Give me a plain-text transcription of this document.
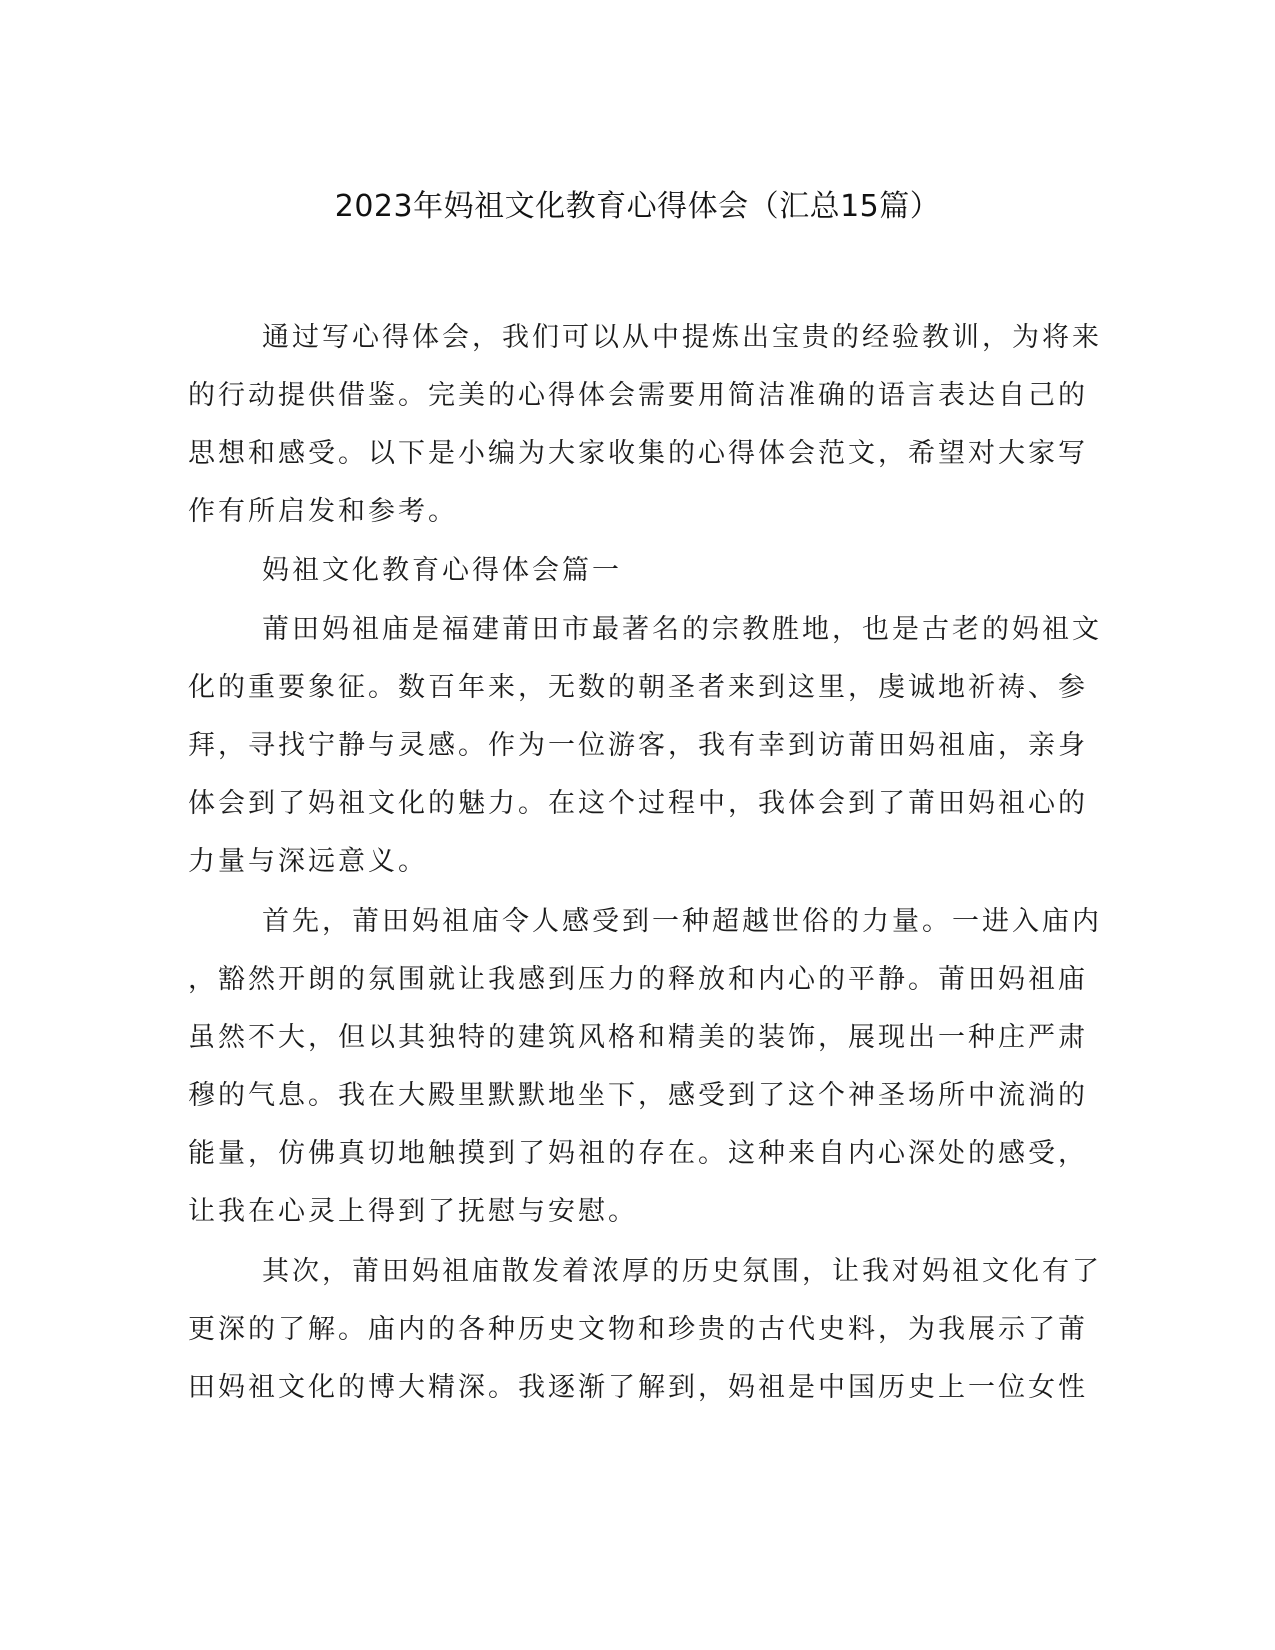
2023年妈祖文化教育心得体会（汇总15篇）
通过写心得体会，我们可以从中提炼出宝贵的经验教训，为将来
的行动提供借鉴。完美的心得体会需要用简洁准确的语言表达自己的
思想和感受。以下是小编为大家收集的心得体会范文，希望对大家写
作有所启发和参考。
妈祖文化教育心得体会篇一
莆田妈祖庙是福建莆田市最著名的宗教胜地，也是古老的妈祖文
化的重要象征。数百年来，无数的朝圣者来到这里，虔诚地祈祷、参
拜，寻找宁静与灵感。作为一位游客，我有幸到访莆田妈祖庙，亲身
体会到了妈祖文化的魅力。在这个过程中，我体会到了莆田妈祖心的
力量与深远意义。
首先，莆田妈祖庙令人感受到一种超越世俗的力量。一进入庙内
，豁然开朗的氛围就让我感到压力的释放和内心的平静。莆田妈祖庙
虽然不大，但以其独特的建筑风格和精美的装饰，展现出一种庄严肃
穆的气息。我在大殿里默默地坐下，感受到了这个神圣场所中流淌的
能量，仿佛真切地触摸到了妈祖的存在。这种来自内心深处的感受，
让我在心灵上得到了抚慰与安慰。
其次，莆田妈祖庙散发着浓厚的历史氛围，让我对妈祖文化有了
更深的了解。庙内的各种历史文物和珍贵的古代史料，为我展示了莆
田妈祖文化的博大精深。我逐渐了解到，妈祖是中国历史上一位女性
